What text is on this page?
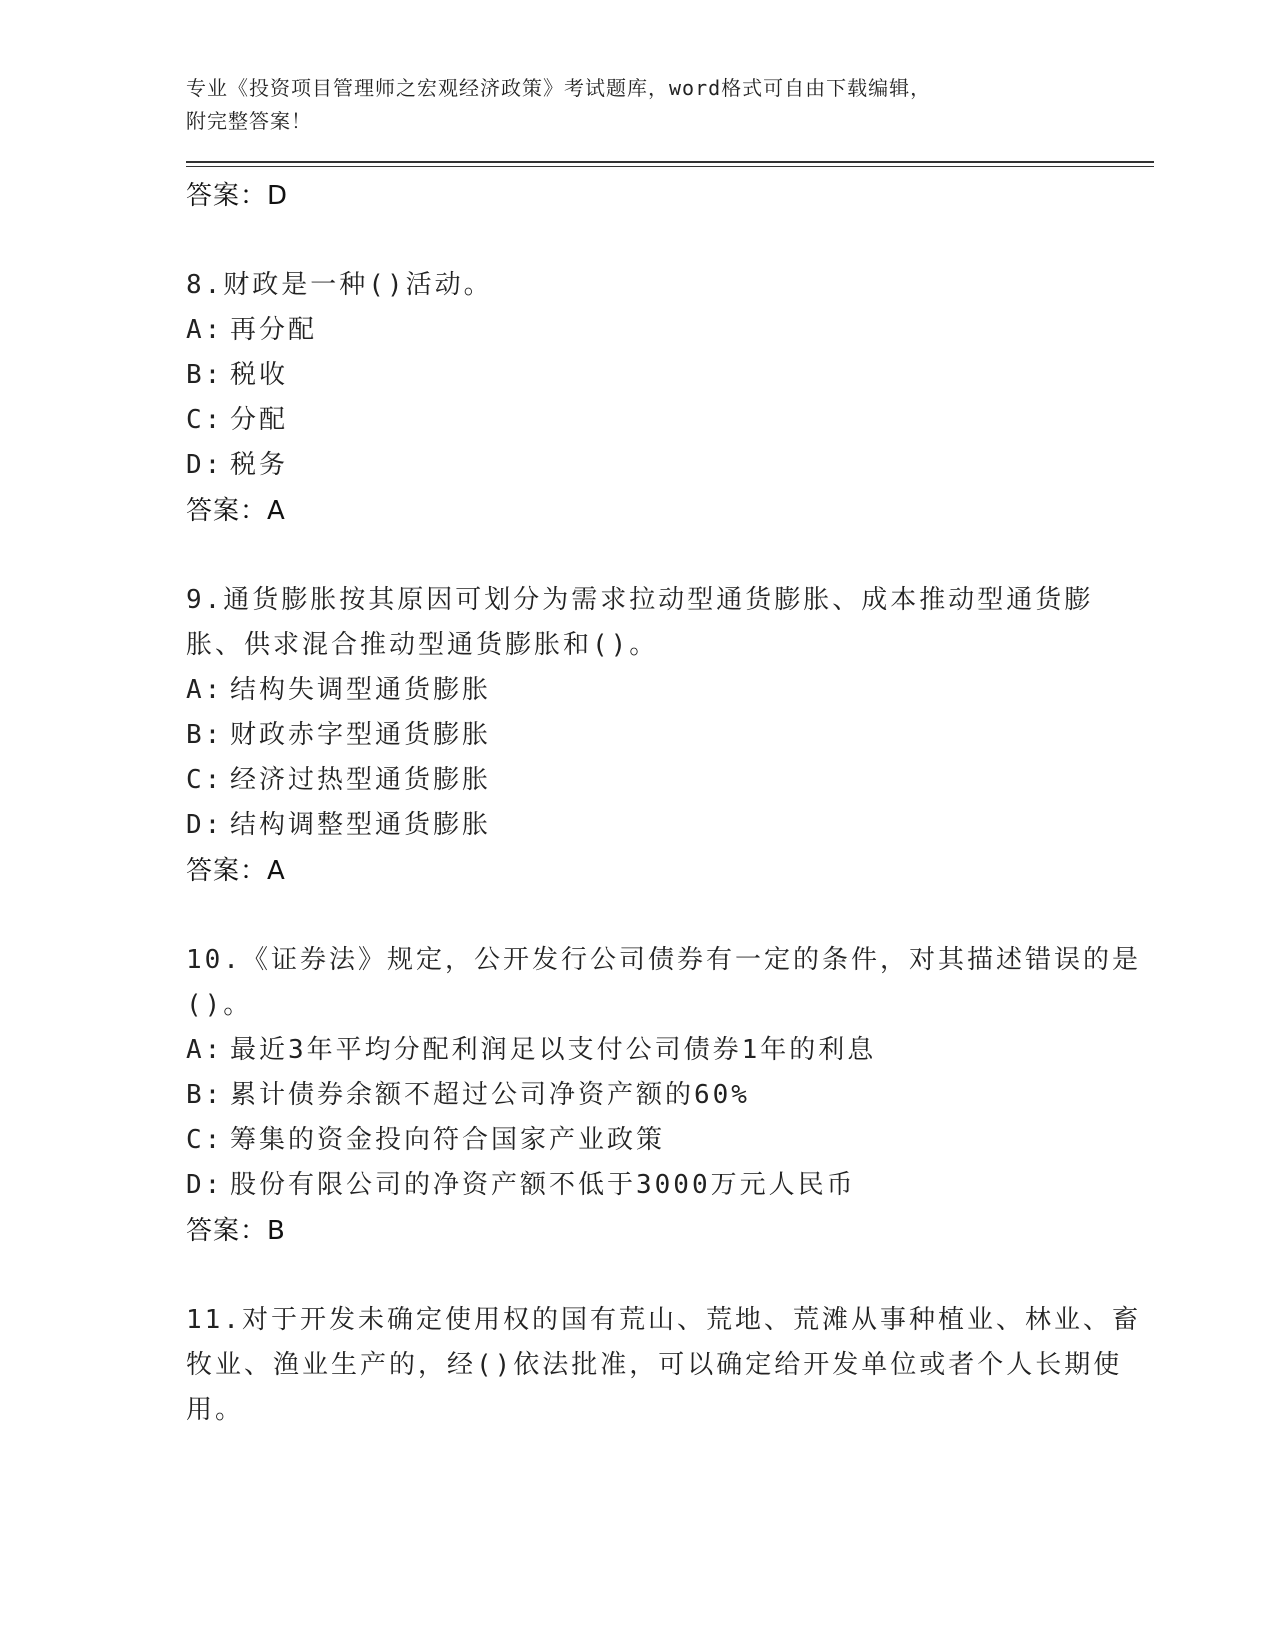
专业《投资项目管理师之宏观经济政策》考试题库，word格式可自由下载编辑，
附完整答案！
答案：D
8.财政是一种()活动。
A: 再分配
B: 税收
C: 分配
D: 税务
答案：A
9.通货膨胀按其原因可划分为需求拉动型通货膨胀、成本推动型通货膨胀、供求混合推动型通货膨胀和()。
A: 结构失调型通货膨胀
B: 财政赤字型通货膨胀
C: 经济过热型通货膨胀
D: 结构调整型通货膨胀
答案：A
10.《证券法》规定，公开发行公司债券有一定的条件，对其描述错误的是()。
A: 最近3年平均分配利润足以支付公司债券1年的利息
B: 累计债券余额不超过公司净资产额的60%
C: 筹集的资金投向符合国家产业政策
D: 股份有限公司的净资产额不低于3000万元人民币
答案：B
11.对于开发未确定使用权的国有荒山、荒地、荒滩从事种植业、林业、畜牧业、渔业生产的，经()依法批准，可以确定给开发单位或者个人长期使用。
